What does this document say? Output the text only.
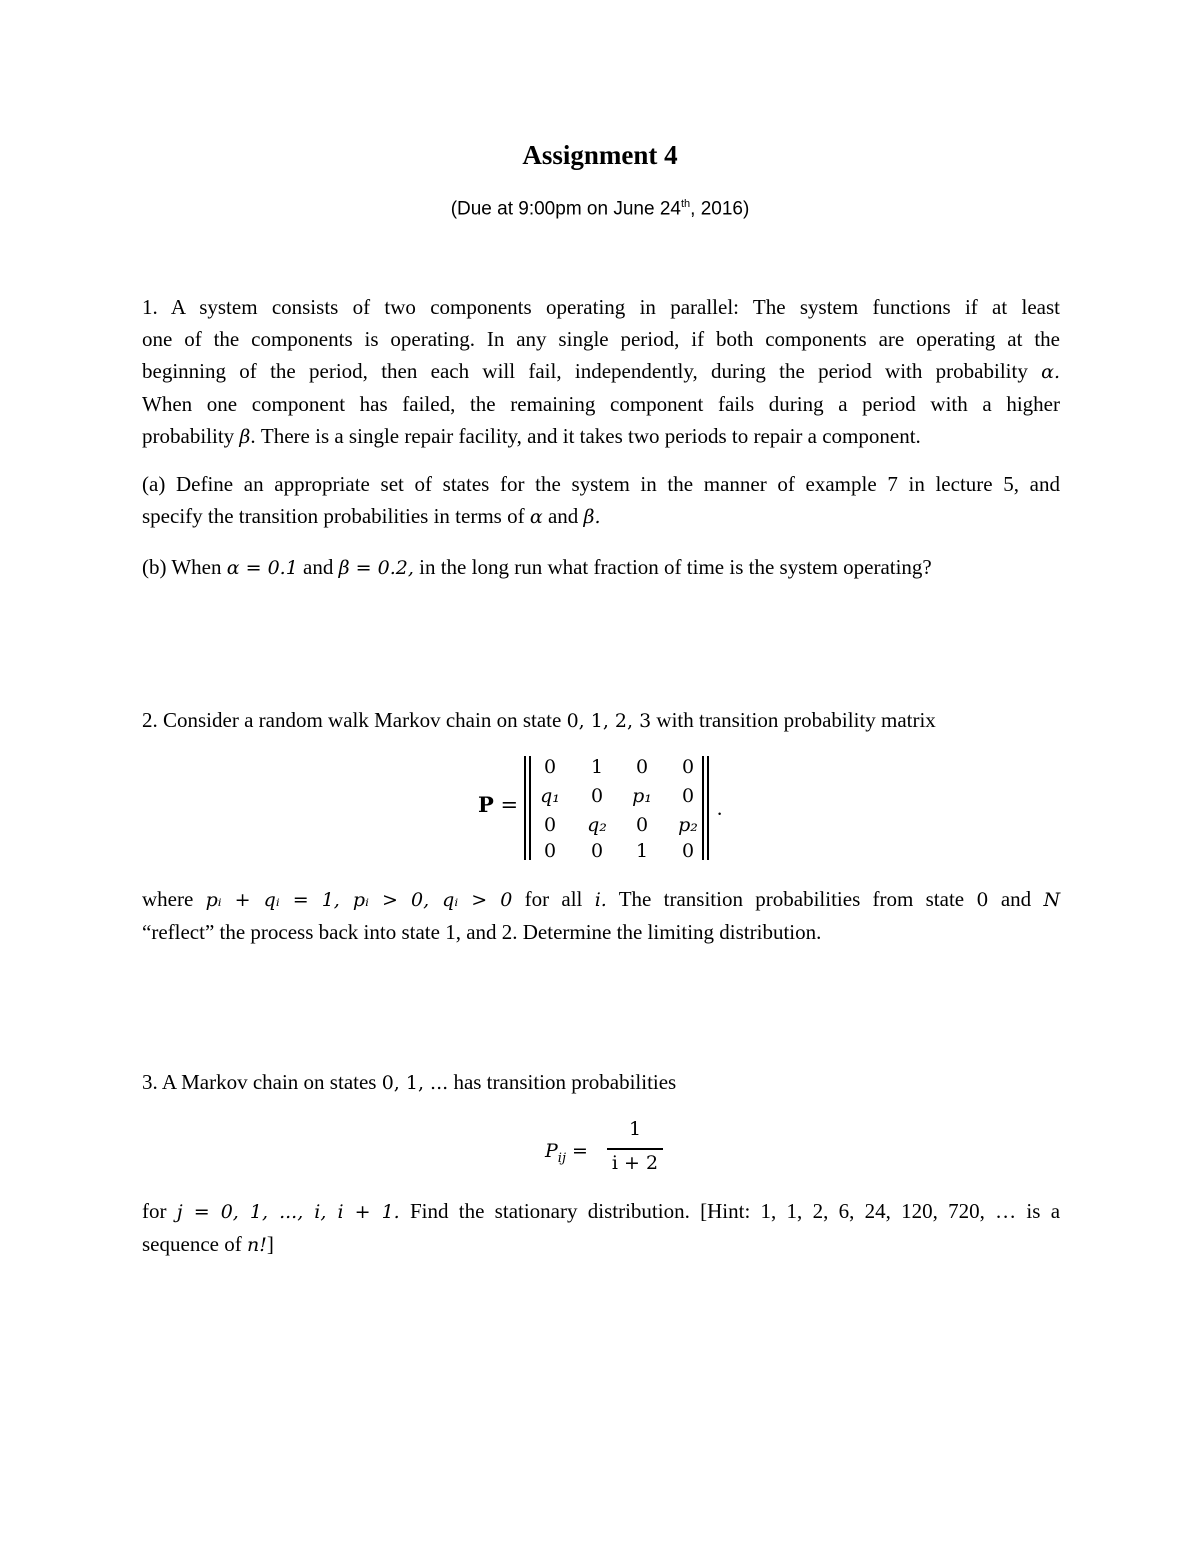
Assignment 4
(Due at 9:00pm on June 24th, 2016)
1. A system consists of two components operating in parallel: The system functions if at least
one of the components is operating. In any single period, if both components are operating at the
beginning of the period, then each will fail, independently, during the period with probability α.
When one component has failed, the remaining component fails during a period with a higher
probability β. There is a single repair facility, and it takes two periods to repair a component.
(a) Define an appropriate set of states for the system in the manner of example 7 in lecture 5, and
specify the transition probabilities in terms of α and β.
(b) When α = 0.1 and β = 0.2, in the long run what fraction of time is the system operating?
2. Consider a random walk Markov chain on state 0, 1, 2, 3 with transition probability matrix
P =
0	1	0	0
q₁	0	p₁	0
0	q₂	0	p₂
0	0	1	0
.
where pᵢ + qᵢ = 1, pᵢ > 0, qᵢ > 0 for all i. The transition probabilities from state 0 and N
“reflect” the process back into state 1, and 2. Determine the limiting distribution.
3. A Markov chain on states 0, 1, ... has transition probabilities
$P_{ij}$ =
1
i + 2
for j = 0, 1, ..., i, i + 1. Find the stationary distribution. [Hint: 1, 1, 2, 6, 24, 120, 720, … is a
sequence of n!]
